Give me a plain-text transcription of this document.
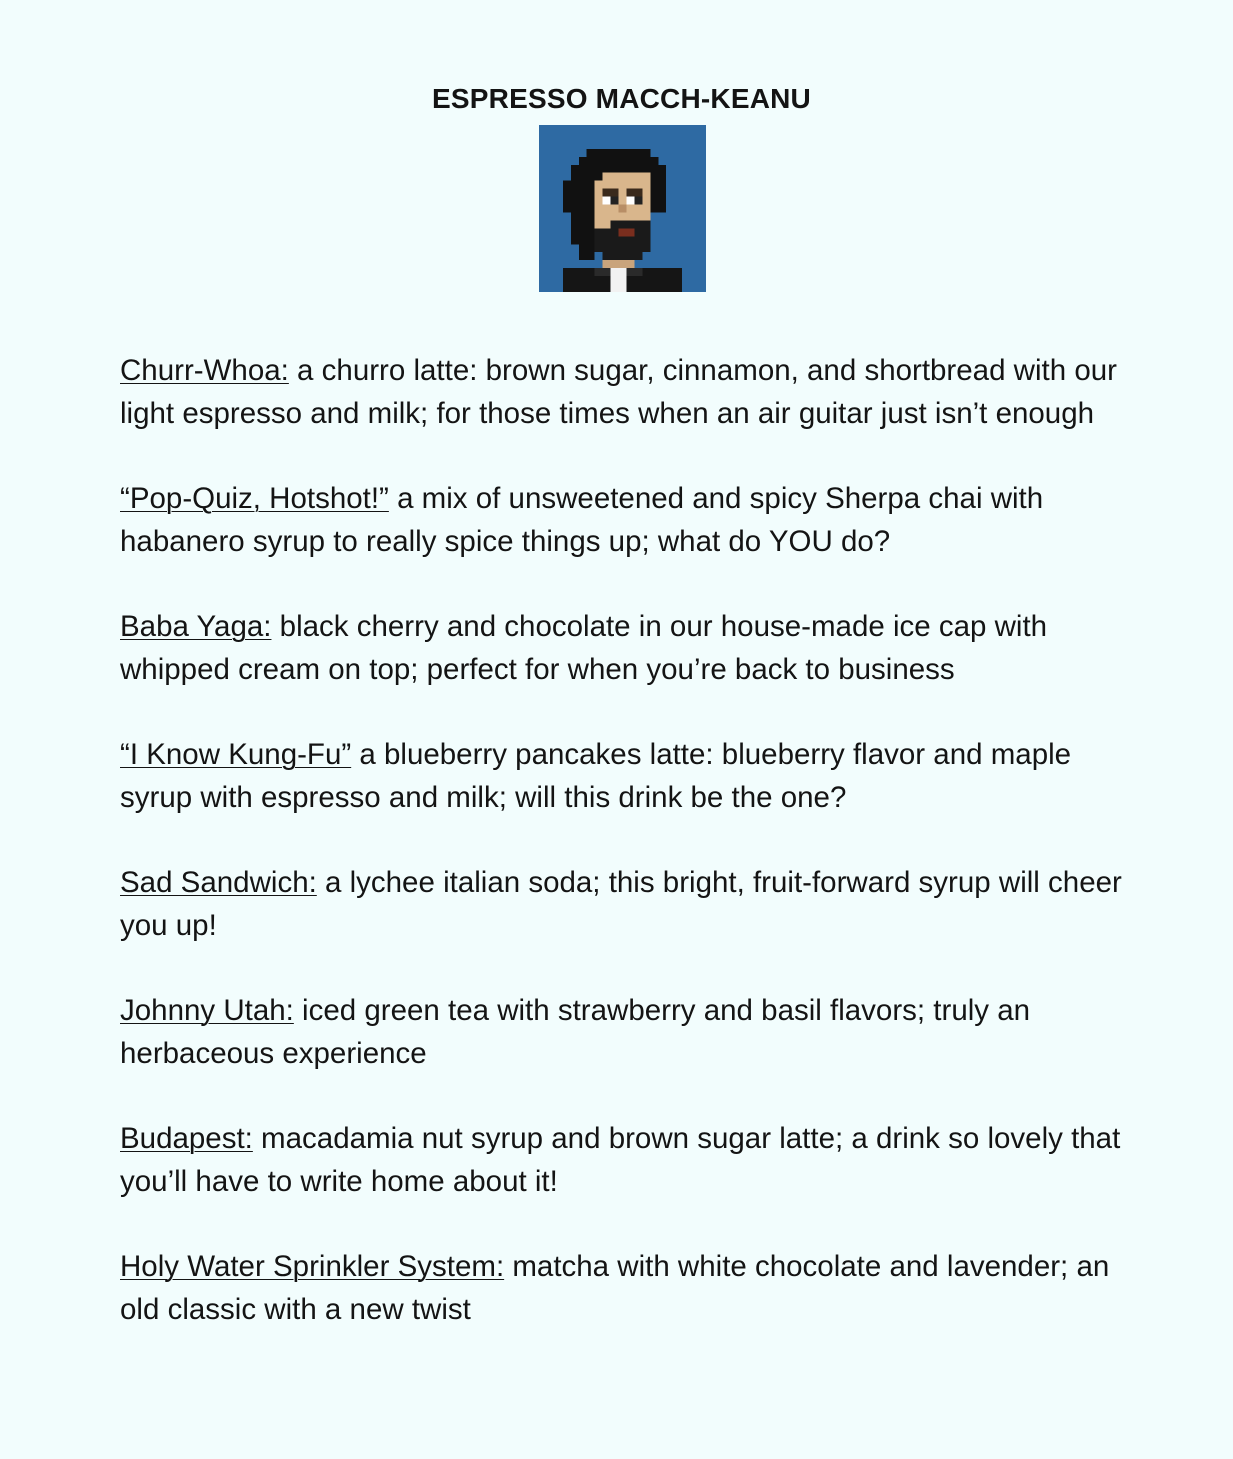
ESPRESSO MACCH-KEANU

Churr-Whoa: a churro latte: brown sugar, cinnamon, and shortbread with our light espresso and milk; for those times when an air guitar just isn’t enough

“Pop-Quiz, Hotshot!” a mix of unsweetened and spicy Sherpa chai with habanero syrup to really spice things up; what do YOU do?

Baba Yaga: black cherry and chocolate in our house-made ice cap with whipped cream on top; perfect for when you’re back to business

“I Know Kung-Fu” a blueberry pancakes latte: blueberry flavor and maple syrup with espresso and milk; will this drink be the one?

Sad Sandwich: a lychee italian soda; this bright, fruit-forward syrup will cheer you up!

Johnny Utah: iced green tea with strawberry and basil flavors; truly an herbaceous experience

Budapest: macadamia nut syrup and brown sugar latte; a drink so lovely that you’ll have to write home about it!

Holy Water Sprinkler System: matcha with white chocolate and lavender; an old classic with a new twist
